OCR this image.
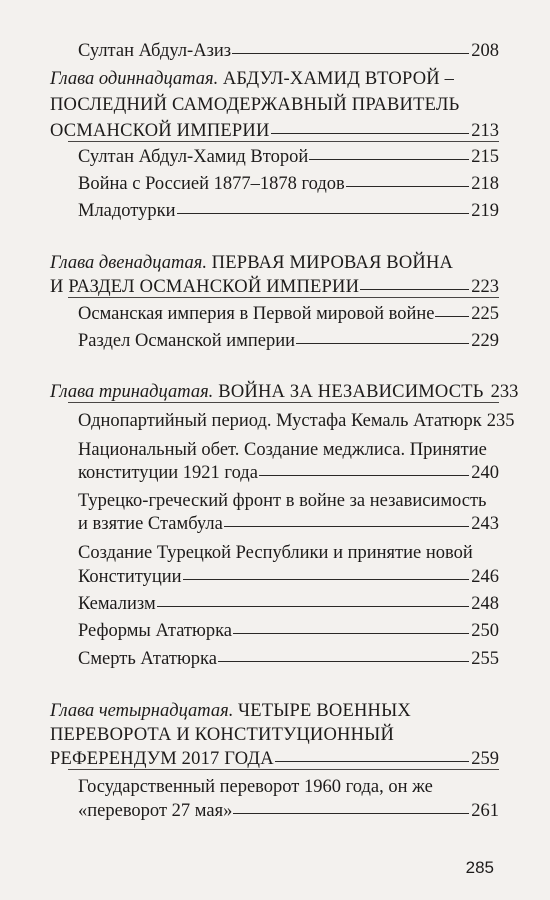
Султан Абдул-Азиз	208
Глава одиннадцатая. АБДУЛ-ХАМИД ВТОРОЙ –
ПОСЛЕДНИЙ САМОДЕРЖАВНЫЙ ПРАВИТЕЛЬ
ОСМАНСКОЙ ИМПЕРИИ	213
Султан Абдул-Хамид Второй	215
Война с Россией 1877–1878 годов	218
Младотурки	219
Глава двенадцатая. ПЕРВАЯ МИРОВАЯ ВОЙНА
И РАЗДЕЛ ОСМАНСКОЙ ИМПЕРИИ	223
Османская империя в Первой мировой войне 225
Раздел Османской империи	229
Глава тринадцатая. ВОЙНА ЗА НЕЗАВИСИМОСТЬ 233
Однопартийный период. Мустафа Кемаль Ататюрк 235
Национальный обет. Создание меджлиса. Принятие
конституции 1921 года	240
Турецко-греческий фронт в войне за независимость
и взятие Стамбула	243
Создание Турецкой Республики и принятие новой
Конституции	246
Кемализм	248
Реформы Ататюрка	250
Смерть Ататюрка	255
Глава четырнадцатая. ЧЕТЫРЕ ВОЕННЫХ
ПЕРЕВОРОТА И КОНСТИТУЦИОННЫЙ
РЕФЕРЕНДУМ 2017 ГОДА	259
Государственный переворот 1960 года, он же
«переворот 27 мая»	261
285
